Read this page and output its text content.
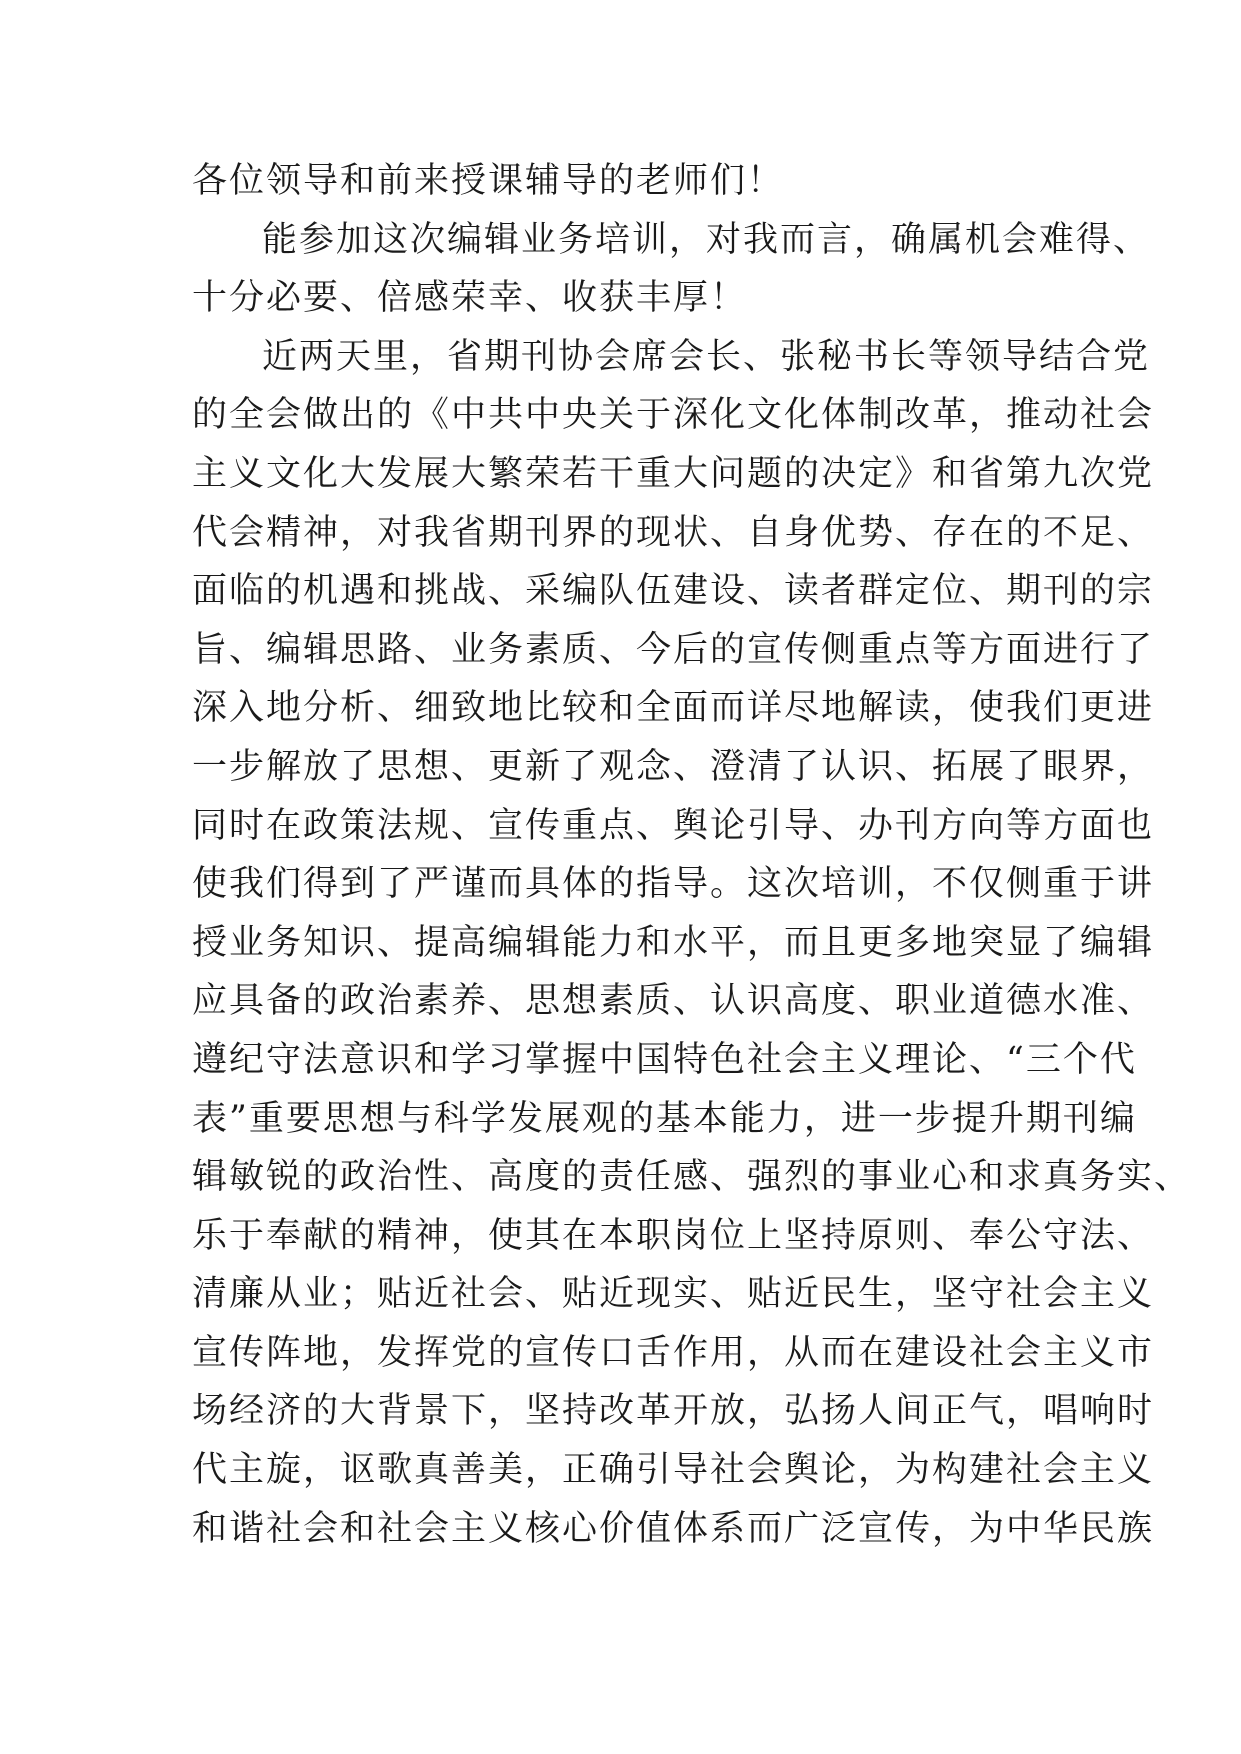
各位领导和前来授课辅导的老师们！
能参加这次编辑业务培训，对我而言，确属机会难得、
十分必要、倍感荣幸、收获丰厚！
近两天里，省期刊协会席会长、张秘书长等领导结合党
的全会做出的《中共中央关于深化文化体制改革，推动社会
主义文化大发展大繁荣若干重大问题的决定》和省第九次党
代会精神，对我省期刊界的现状、自身优势、存在的不足、
面临的机遇和挑战、采编队伍建设、读者群定位、期刊的宗
旨、编辑思路、业务素质、今后的宣传侧重点等方面进行了
深入地分析、细致地比较和全面而详尽地解读，使我们更进
一步解放了思想、更新了观念、澄清了认识、拓展了眼界，
同时在政策法规、宣传重点、舆论引导、办刊方向等方面也
使我们得到了严谨而具体的指导。这次培训，不仅侧重于讲
授业务知识、提高编辑能力和水平，而且更多地突显了编辑
应具备的政治素养、思想素质、认识高度、职业道德水准、
遵纪守法意识和学习掌握中国特色社会主义理论、“三个代
表”重要思想与科学发展观的基本能力，进一步提升期刊编
辑敏锐的政治性、高度的责任感、强烈的事业心和求真务实、
乐于奉献的精神，使其在本职岗位上坚持原则、奉公守法、
清廉从业；贴近社会、贴近现实、贴近民生，坚守社会主义
宣传阵地，发挥党的宣传口舌作用，从而在建设社会主义市
场经济的大背景下，坚持改革开放，弘扬人间正气，唱响时
代主旋，讴歌真善美，正确引导社会舆论，为构建社会主义
和谐社会和社会主义核心价值体系而广泛宣传，为中华民族
